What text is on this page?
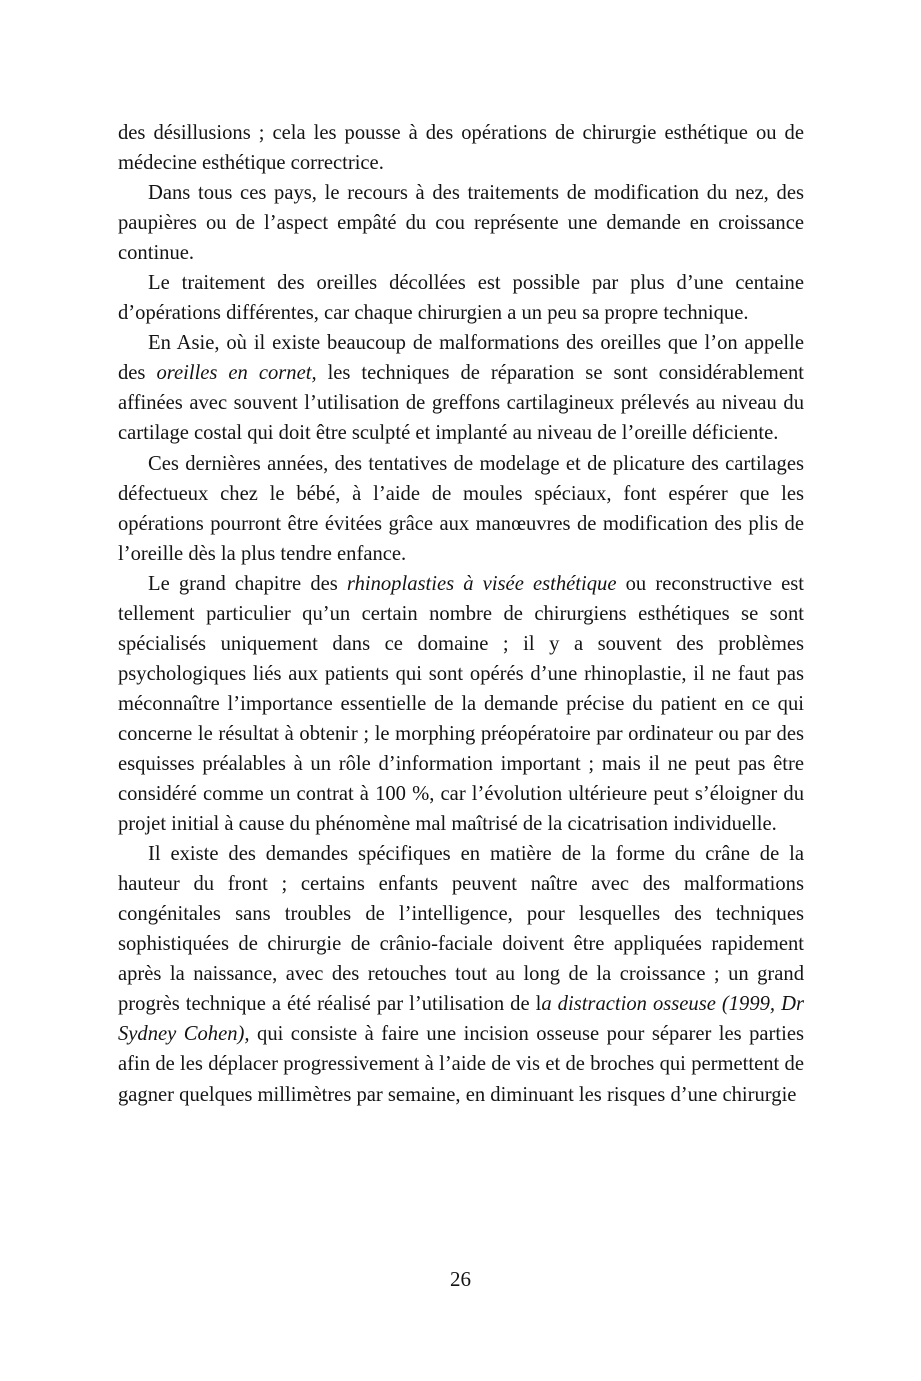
des désillusions ; cela les pousse à des opérations de chirurgie esthétique ou de médecine esthétique correctrice.

Dans tous ces pays, le recours à des traitements de modification du nez, des paupières ou de l’aspect empâté du cou représente une demande en croissance continue.

Le traitement des oreilles décollées est possible par plus d’une centaine d’opérations différentes, car chaque chirurgien a un peu sa propre technique.

En Asie, où il existe beaucoup de malformations des oreilles que l’on appelle des oreilles en cornet, les techniques de réparation se sont considérablement affinées avec souvent l’utilisation de greffons cartilagineux prélevés au niveau du cartilage costal qui doit être sculpté et implanté au niveau de l’oreille déficiente.

Ces dernières années, des tentatives de modelage et de plicature des cartilages défectueux chez le bébé, à l’aide de moules spéciaux, font espérer que les opérations pourront être évitées grâce aux manœuvres de modification des plis de l’oreille dès la plus tendre enfance.

Le grand chapitre des rhinoplasties à visée esthétique ou reconstructive est tellement particulier qu’un certain nombre de chirurgiens esthétiques se sont spécialisés uniquement dans ce domaine ; il y a souvent des problèmes psychologiques liés aux patients qui sont opérés d’une rhinoplastie, il ne faut pas méconnaître l’importance essentielle de la demande précise du patient en ce qui concerne le résultat à obtenir ; le morphing préopératoire par ordinateur ou par des esquisses préalables à un rôle d’information important ; mais il ne peut pas être considéré comme un contrat à 100 %, car l’évolution ultérieure peut s’éloigner du projet initial à cause du phénomène mal maîtrisé de la cicatrisation individuelle.

Il existe des demandes spécifiques en matière de la forme du crâne de la hauteur du front ; certains enfants peuvent naître avec des malformations congénitales sans troubles de l’intelligence, pour lesquelles des techniques sophistiquées de chirurgie de crânio-faciale doivent être appliquées rapidement après la naissance, avec des retouches tout au long de la croissance ; un grand progrès technique a été réalisé par l’utilisation de la distraction osseuse (1999, Dr Sydney Cohen), qui consiste à faire une incision osseuse pour séparer les parties afin de les déplacer progressivement à l’aide de vis et de broches qui permettent de gagner quelques millimètres par semaine, en diminuant les risques d’une chirurgie

26
